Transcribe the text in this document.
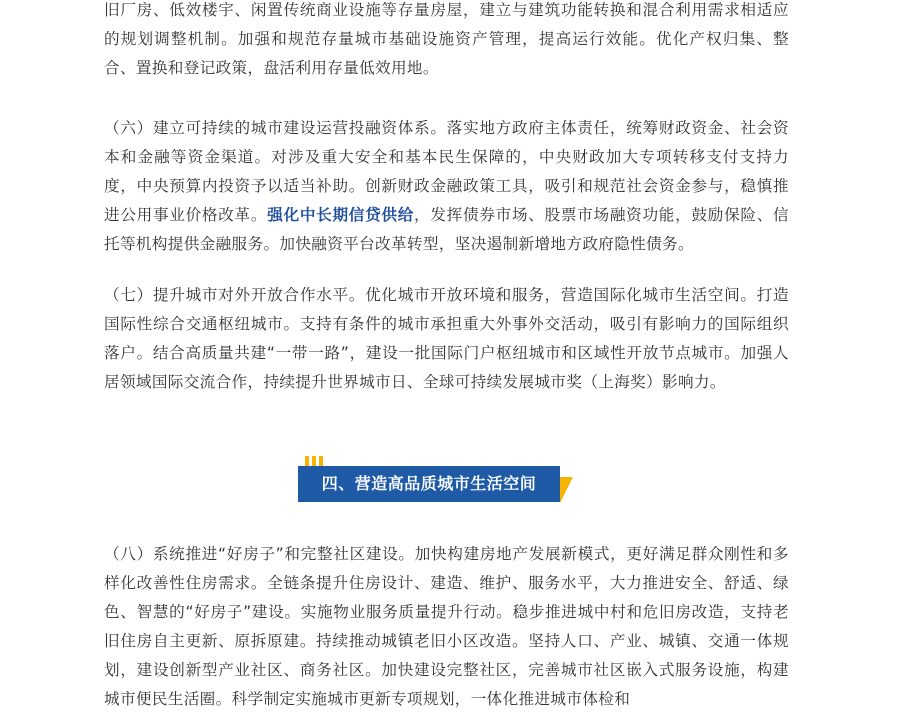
旧厂房、低效楼宇、闲置传统商业设施等存量房屋，建立与建筑功能转换和混合利用需求相适应的规划调整机制。加强和规范存量城市基础设施资产管理，提高运行效能。优化产权归集、整合、置换和登记政策，盘活利用存量低效用地。

（六）建立可持续的城市建设运营投融资体系。落实地方政府主体责任，统筹财政资金、社会资本和金融等资金渠道。对涉及重大安全和基本民生保障的，中央财政加大专项转移支付支持力度，中央预算内投资予以适当补助。创新财政金融政策工具，吸引和规范社会资金参与，稳慎推进公用事业价格改革。强化中长期信贷供给，发挥债券市场、股票市场融资功能，鼓励保险、信托等机构提供金融服务。加快融资平台改革转型，坚决遏制新增地方政府隐性债务。

（七）提升城市对外开放合作水平。优化城市开放环境和服务，营造国际化城市生活空间。打造国际性综合交通枢纽城市。支持有条件的城市承担重大外事外交活动，吸引有影响力的国际组织落户。结合高质量共建“一带一路”，建设一批国际门户枢纽城市和区域性开放节点城市。加强人居领域国际交流合作，持续提升世界城市日、全球可持续发展城市奖（上海奖）影响力。

（八）系统推进“好房子”和完整社区建设。加快构建房地产发展新模式，更好满足群众刚性和多样化改善性住房需求。全链条提升住房设计、建造、维护、服务水平，大力推进安全、舒适、绿色、智慧的“好房子”建设。实施物业服务质量提升行动。稳步推进城中村和危旧房改造，支持老旧住房自主更新、原拆原建。持续推动城镇老旧小区改造。坚持人口、产业、城镇、交通一体规划，建设创新型产业社区、商务社区。加快建设完整社区，完善城市社区嵌入式服务设施，构建城市便民生活圈。科学制定实施城市更新专项规划，一体化推进城市体检和

四、营造高品质城市生活空间
